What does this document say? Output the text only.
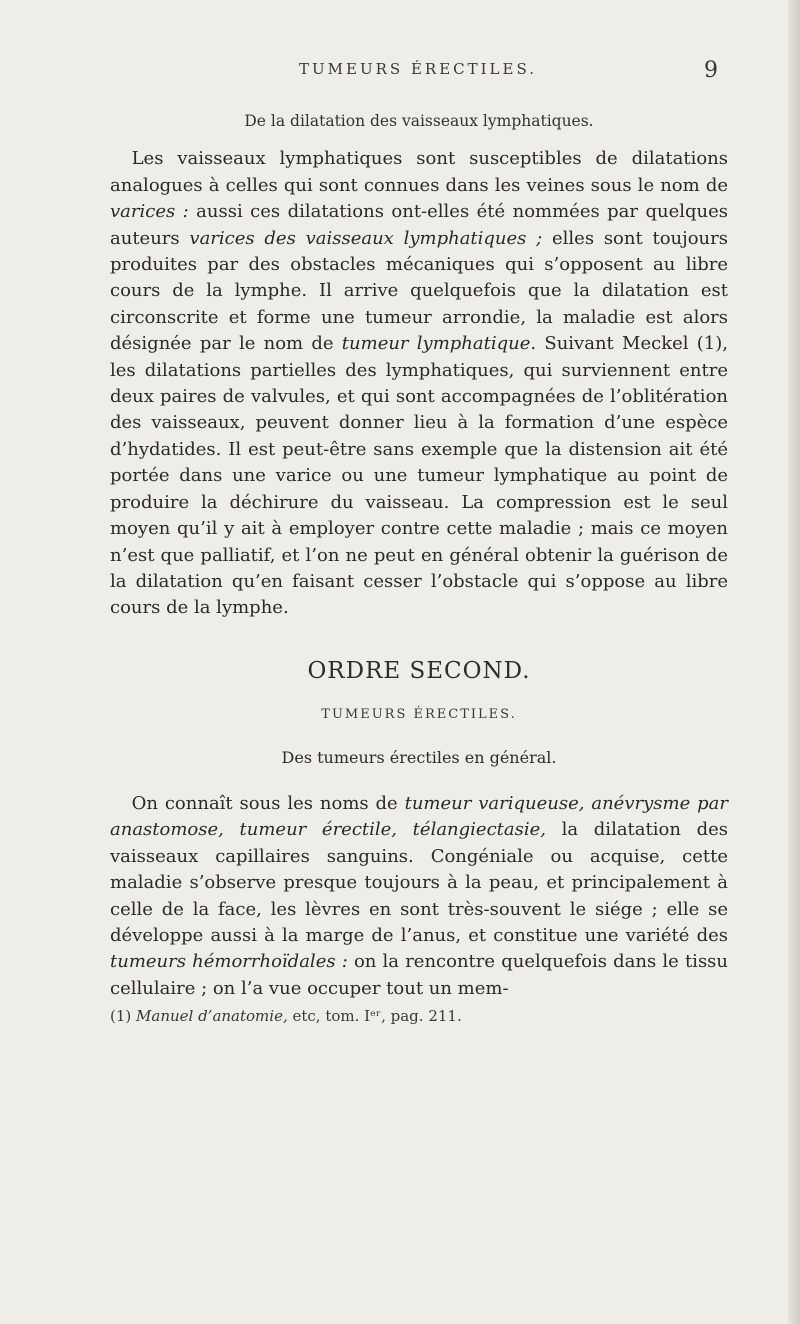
TUMEURS ÉRECTILES.	9
De la dilatation des vaisseaux lymphatiques.

Les vaisseaux lymphatiques sont susceptibles de dilatations analogues à celles qui sont connues dans les veines sous le nom de varices : aussi ces dilatations ont-elles été nommées par quelques auteurs varices des vaisseaux lymphatiques ; elles sont toujours produites par des obstacles mécaniques qui s’opposent au libre cours de la lymphe. Il arrive quelquefois que la dilatation est circonscrite et forme une tumeur arrondie, la maladie est alors désignée par le nom de tumeur lymphatique. Suivant Meckel (1), les dilatations partielles des lymphatiques, qui surviennent entre deux paires de valvules, et qui sont accompagnées de l’oblitération des vaisseaux, peuvent donner lieu à la formation d’une espèce d’hydatides. Il est peut-être sans exemple que la distension ait été portée dans une varice ou une tumeur lymphatique au point de produire la déchirure du vaisseau. La compression est le seul moyen qu’il y ait à employer contre cette maladie ; mais ce moyen n’est que palliatif, et l’on ne peut en général obtenir la guérison de la dilatation qu’en faisant cesser l’obstacle qui s’oppose au libre cours de la lymphe.

ORDRE SECOND.
TUMEURS ÉRECTILES.
Des tumeurs érectiles en général.

On connaît sous les noms de tumeur variqueuse, anévrysme par anastomose, tumeur érectile, télangiectasie, la dilatation des vaisseaux capillaires sanguins. Congéniale ou acquise, cette maladie s’observe presque toujours à la peau, et principalement à celle de la face, les lèvres en sont très-souvent le siége ; elle se développe aussi à la marge de l’anus, et constitue une variété des tumeurs hémorrhoïdales : on la rencontre quelquefois dans le tissu cellulaire ; on l’a vue occuper tout un mem-

(1) Manuel d’anatomie, etc, tom. Iᵉʳ, pag. 211.
